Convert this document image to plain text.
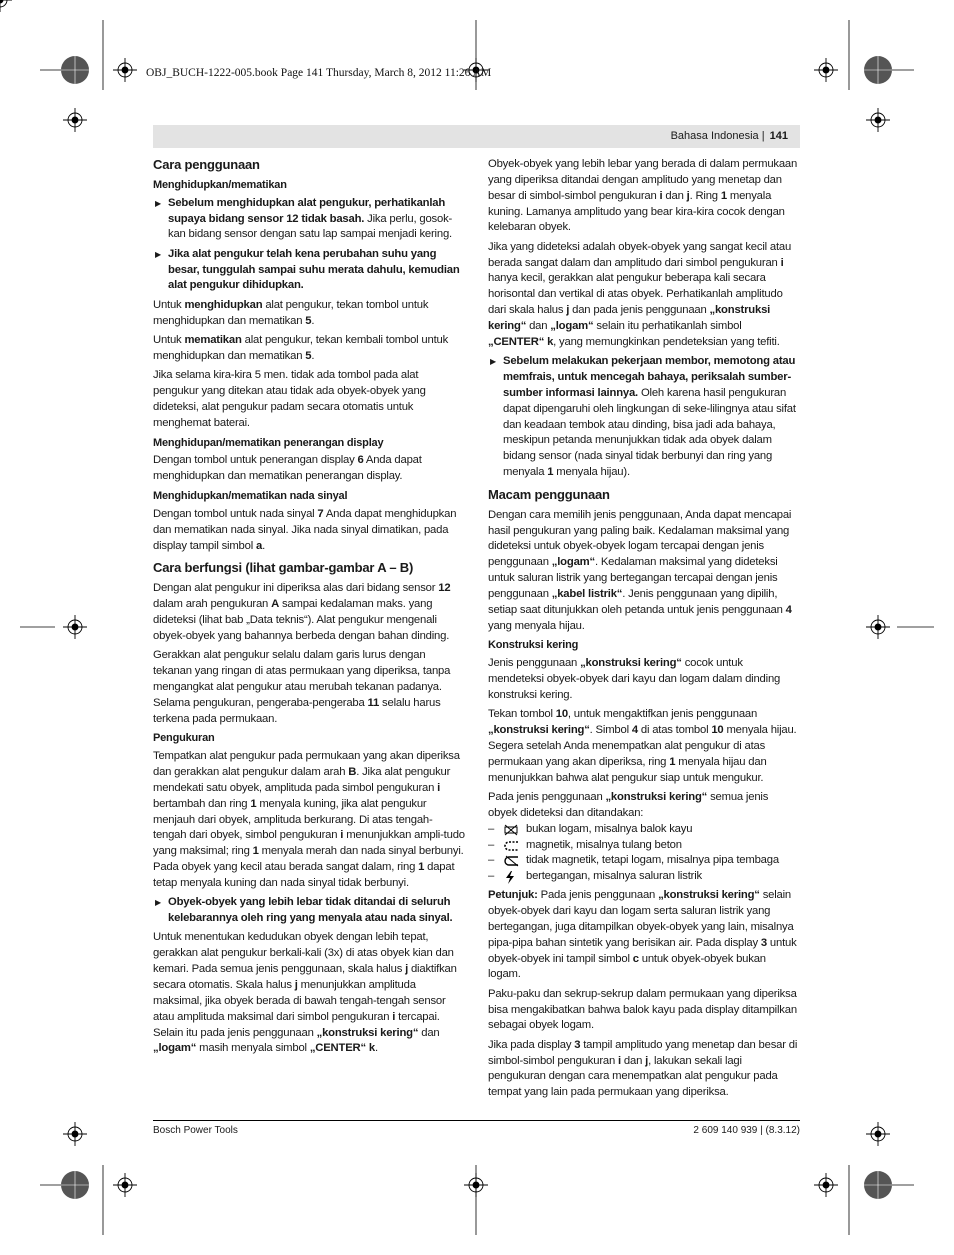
OBJ_BUCH-1222-005.book Page 141 Thursday, March 8, 2012 11:26 AM
Bahasa Indonesia | 141
Cara penggunaan
Menghidupkan/mematikan
▶ Sebelum menghidupkan alat pengukur, perhatikanlah supaya bidang sensor 12 tidak basah. Jika perlu, gosok-kan bidang sensor dengan satu lap sampai menjadi kering.
▶ Jika alat pengukur telah kena perubahan suhu yang besar, tunggulah sampai suhu merata dahulu, kemudian alat pengukur dihidupkan.

Untuk menghidupkan alat pengukur, tekan tombol untuk menghidupkan dan mematikan 5.

Untuk mematikan alat pengukur, tekan kembali tombol untuk menghidupkan dan mematikan 5.

Jika selama kira-kira 5 men. tidak ada tombol pada alat pengukur yang ditekan atau tidak ada obyek-obyek yang dideteksi, alat pengukur padam secara otomatis untuk menghemat baterai.

Menghidupan/mematikan penerangan display

Dengan tombol untuk penerangan display 6 Anda dapat menghidupkan dan mematikan penerangan display.

Menghidupkan/mematikan nada sinyal

Dengan tombol untuk nada sinyal 7 Anda dapat menghidupkan dan mematikan nada sinyal. Jika nada sinyal dimatikan, pada display tampil simbol a.

Cara berfungsi (lihat gambar-gambar A – B)

Dengan alat pengukur ini diperiksa alas dari bidang sensor 12 dalam arah pengukuran A sampai kedalaman maks. yang dideteksi (lihat bab „Data teknis“). Alat pengukur mengenali obyek-obyek yang bahannya berbeda dengan bahan dinding.

Gerakkan alat pengukur selalu dalam garis lurus dengan tekanan yang ringan di atas permukaan yang diperiksa, tanpa mengangkat alat pengukur atau merubah tekanan padanya. Selama pengukuran, pengeraba-pengeraba 11 selalu harus terkena pada permukaan.

Pengukuran

Tempatkan alat pengukur pada permukaan yang akan diperiksa dan gerakkan alat pengukur dalam arah B. Jika alat pengukur mendekati satu obyek, amplituda pada simbol pengukuran i bertambah dan ring 1 menyala kuning, jika alat pengukur menjauh dari obyek, amplituda berkurang. Di atas tengah-tengah dari obyek, simbol pengukuran i menunjukkan ampli-tudo yang maksimal; ring 1 menyala merah dan nada sinyal berbunyi. Pada obyek yang kecil atau berada sangat dalam, ring 1 dapat tetap menyala kuning dan nada sinyal tidak berbunyi.

▶ Obyek-obyek yang lebih lebar tidak ditandai di seluruh kelebarannya oleh ring yang menyala atau nada sinyal.

Untuk menentukan kedudukan obyek dengan lebih tepat, gerakkan alat pengukur berkali-kali (3x) di atas obyek kian dan kemari. Pada semua jenis penggunaan, skala halus j diaktifkan secara otomatis. Skala halus j menunjukkan amplituda maksimal, jika obyek berada di bawah tengah-tengah sensor atau amplituda maksimal dari simbol pengukuran i tercapai. Selain itu pada jenis penggunaan „konstruksi kering“ dan „logam“ masih menyala simbol „CENTER“ k.

Obyek-obyek yang lebih lebar yang berada di dalam permukaan yang diperiksa ditandai dengan amplitudo yang menetap dan besar di simbol-simbol pengukuran i dan j. Ring 1 menyala kuning. Lamanya amplitudo yang bear kira-kira cocok dengan kelebaran obyek.

Jika yang dideteksi adalah obyek-obyek yang sangat kecil atau berada sangat dalam dan amplitudo dari simbol pengukuran i hanya kecil, gerakkan alat pengukur beberapa kali secara horisontal dan vertikal di atas obyek. Perhatikanlah amplitudo dari skala halus j dan pada jenis penggunaan „konstruksi kering“ dan „logam“ selain itu perhatikanlah simbol „CENTER“ k, yang memungkinkan pendeteksian yang tefiti.

▶ Sebelum melakukan pekerjaan membor, memotong atau memfrais, untuk mencegah bahaya, periksalah sumber-sumber informasi lainnya. Oleh karena hasil pengukuran dapat dipengaruhi oleh lingkungan di seke-lilingnya atau sifat dan keadaan tembok atau dinding, bisa jadi ada bahaya, meskipun petanda menunjukkan tidak ada obyek dalam bidang sensor (nada sinyal tidak berbunyi dan ring yang menyala 1 menyala hijau).
Macam penggunaan

Dengan cara memilih jenis penggunaan, Anda dapat mencapai hasil pengukuran yang paling baik. Kedalaman maksimal yang dideteksi untuk obyek-obyek logam tercapai dengan jenis penggunaan „logam“. Kedalaman maksimal yang dideteksi untuk saluran listrik yang bertegangan tercapai dengan jenis penggunaan „kabel listrik“. Jenis penggunaan yang dipilih, setiap saat ditunjukkan oleh petanda untuk jenis penggunaan 4 yang menyala hijau.

Konstruksi kering

Jenis penggunaan „konstruksi kering“ cocok untuk mendeteksi obyek-obyek dari kayu dan logam dalam dinding konstruksi kering.

Tekan tombol 10, untuk mengaktifkan jenis penggunaan „konstruksi kering“. Simbol 4 di atas tombol 10 menyala hijau. Segera setelah Anda menempatkan alat pengukur di atas permukaan yang akan diperiksa, ring 1 menyala hijau dan menunjukkan bahwa alat pengukur siap untuk mengukur.

Pada jenis penggunaan „konstruksi kering“ semua jenis obyek dideteksi dan ditandakan:

–	bukan logam, misalnya balok kayu
–	magnetik, misalnya tulang beton
–	tidak magnetik, tetapi logam, misalnya pipa tembaga
–	bertegangan, misalnya saluran listrik

Petunjuk: Pada jenis penggunaan „konstruksi kering“ selain obyek-obyek dari kayu dan logam serta saluran listrik yang bertegangan, juga ditampilkan obyek-obyek yang lain, misalnya pipa-pipa bahan sintetik yang berisikan air. Pada display 3 untuk obyek-obyek ini tampil simbol c untuk obyek-obyek bukan logam.

Paku-paku dan sekrup-sekrup dalam permukaan yang diperiksa bisa mengakibatkan bahwa balok kayu pada display ditampilkan sebagai obyek logam.

Jika pada display 3 tampil amplitudo yang menetap dan besar di simbol-simbol pengukuran i dan j, lakukan sekali lagi pengukuran dengan cara menempatkan alat pengukur pada tempat yang lain pada permukaan yang diperiksa.

Bosch Power Tools	2 609 140 939 | (8.3.12)
